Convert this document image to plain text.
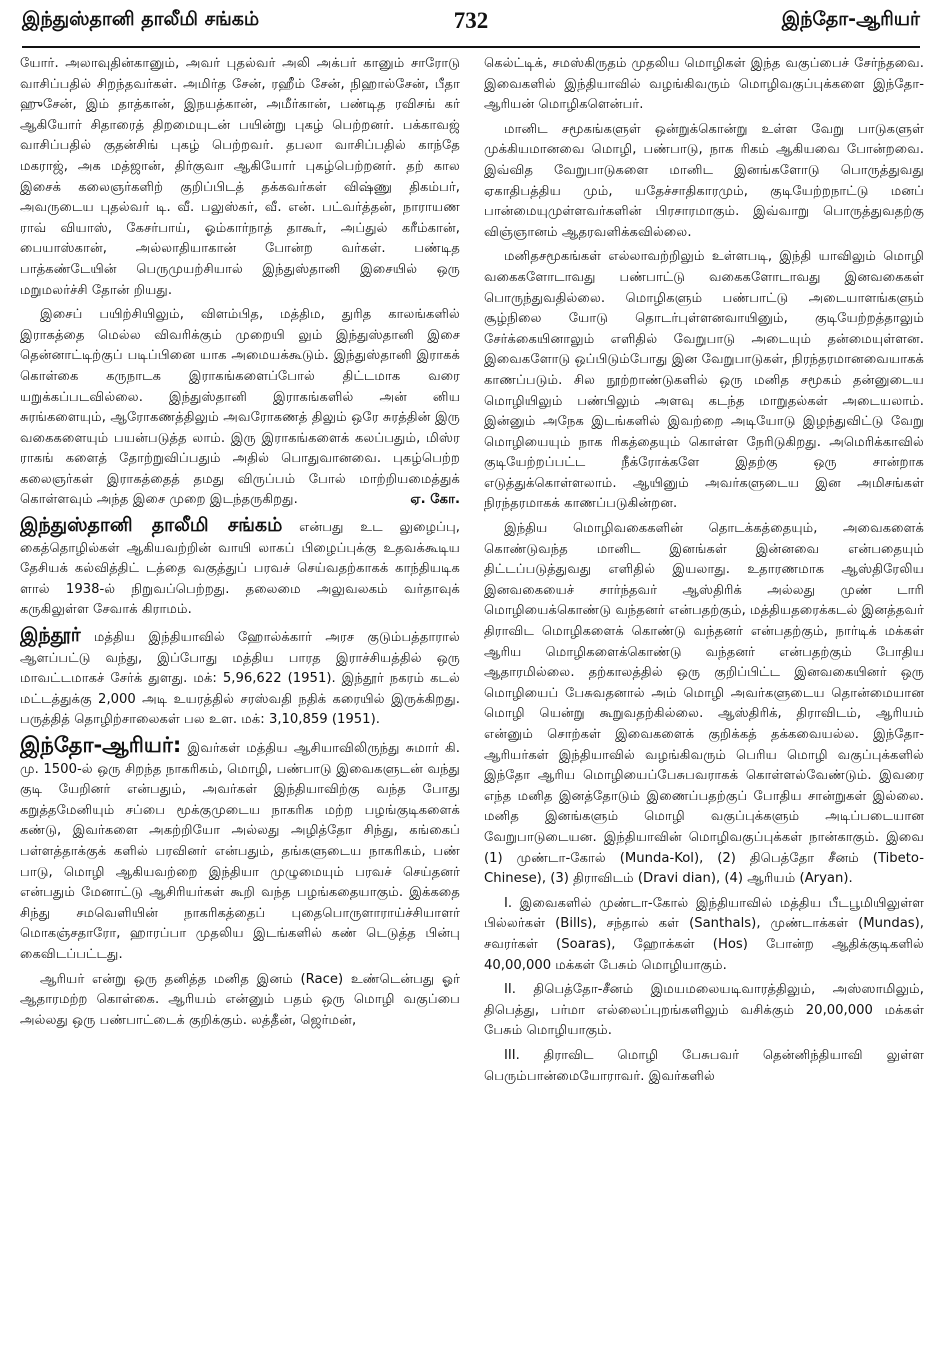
இந்துஸ்தானி தாலீமி சங்கம்	732	இந்தோ-ஆரியர்

யோர். அலாவுதின்கானும், அவர் புதல்வர் அலி அக்பர் கானும் சாரோடு வாசிப்பதில் சிறந்தவர்கள். அமிர்த சேன், ரஹீம் சேன், நிஹால்சேன், பீதா ஹுசேன், இம் தாத்கான், இநயத்கான், அமீர்கான், பண்டித ரவிசங் கர் ஆகியோர் சிதாரைத் திறமையுடன் பயின்று புகழ் பெற்றனர். பக்காவஜ் வாசிப்பதில் குதன்சிங் புகழ் பெற்றவர். தபலா வாசிப்பதில் காந்தே மகராஜ், அக மத்ஜான், திர்குவா ஆகியோர் புகழ்பெற்றனர். தற் கால இசைக் கலைஞர்களிற் குறிப்பிடத் தக்கவர்கள் விஷ்ணு திகம்பர், அவருடைய புதல்வர் டி. வீ. பலுஸ்கர், வீ. என். பட்வர்த்தன், நாராயண ராவ் வியாஸ், கேசர்பாய், ஓம்கார்நாத் தாகூர், அப்துல் கரீம்கான், பையாஸ்கான், அல்லாதியாகான் போன்ற வர்கள். பண்டித பாத்கண்டேயின் பெருமுயற்சியால் இந்துஸ்தானி இசையில் ஒரு மறுமலர்ச்சி தோன் றியது.

இசைப் பயிற்சியிலும், விளம்பித, மத்திம, துரித காலங்களில் இராகத்தை மெல்ல விவரிக்கும் முறையி லும் இந்துஸ்தானி இசை தென்னாட்டிற்குப் படிப்பினை யாக அமையக்கூடும். இந்துஸ்தானி இராகக் கொள்கை கருநாடக இராகங்களைப்போல் திட்டமாக வரை யறுக்கப்படவில்லை. இந்துஸ்தானி இராகங்களில் அன் னிய சுரங்களையும், ஆரோகணத்திலும் அவரோகணத் திலும் ஒரே சுரத்தின் இரு வகைகளையும் பயன்படுத்த லாம். இரு இராகங்களைக் கலப்பதும், மிஸ்ர ராகங் களைத் தோற்றுவிப்பதும் அதில் பொதுவானவை. புகழ்பெற்ற கலைஞர்கள் இராகத்தைத் தமது விருப்பம் போல் மாற்றியமைத்துக் கொள்ளவும் அந்த இசை முறை இடந்தருகிறது.	ஏ. கோ.

இந்துஸ்தானி தாலீமி சங்கம் என்பது உட லுழைப்பு, கைத்தொழில்கள் ஆகியவற்றின் வாயி லாகப் பிழைப்புக்கு உதவக்கூடிய தேசியக் கல்வித்திட் டத்தை வகுத்துப் பரவச் செய்வதற்காகக் காந்தியடிக ளால் 1938-ல் நிறுவப்பெற்றது. தலைமை அலுவலகம் வர்தாவுக் கருகிலுள்ள சேவாக் கிராமம்.

இந்தூர் மத்திய இந்தியாவில் ஹோல்க்கார் அரச குடும்பத்தாரால் ஆளப்பட்டு வந்து, இப்போது மத்திய பாரத இராச்சியத்தில் ஒரு மாவட்டமாகச் சேர்க் துளது. மக்: 5,96,622 (1951). இந்தூர் நகரம் கடல் மட்டத்துக்கு 2,000 அடி உயரத்தில் சரஸ்வதி நதிக் கரையில் இருக்கிறது. பருத்தித் தொழிற்சாலைகள் பல உள. மக்: 3,10,859 (1951).

இந்தோ-ஆரியர்: இவர்கள் மத்திய ஆசியாவிலிருந்து சுமார் கி. மு. 1500-ல் ஒரு சிறந்த நாகரிகம், மொழி, பண்பாடு இவைகளுடன் வந்து குடி யேறினர் என்பதும், அவர்கள் இந்தியாவிற்கு வந்த போது கறுத்தமேனியும் சப்பை மூக்குமுடைய நாகரிக மற்ற பழங்குடிகளைக் கண்டு, இவர்களை அகற்றியோ அல்லது அழித்தோ சிந்து, கங்கைப் பள்ளத்தாக்குக் களில் பரவினர் என்பதும், தங்களுடைய நாகரிகம், பண் பாடு, மொழி ஆகியவற்றை இந்தியா முழுமையும் பரவச் செய்தனர் என்பதும் மேனாட்டு ஆசிரியர்கள் கூறி வந்த பழங்கதையாகும். இக்கதை சிந்து சமவெளியின் நாகரிகத்தைப் புதைபொருளாராய்ச்சியாளர் மொகஞ்சதாரோ, ஹாரப்பா முதலிய இடங்களில் கண் டெடுத்த பின்பு கைவிடப்பட்டது.

ஆரியர் என்று ஒரு தனித்த மனித இனம் (Race) உண்டென்பது ஓர் ஆதாரமற்ற கொள்கை. ஆரியம் என்னும் பதம் ஒரு மொழி வகுப்பை அல்லது ஒரு பண்பாட்டைக் குறிக்கும். லத்தீன், ஜெர்மன்,

கெல்ட்டிக், சமஸ்கிருதம் முதலிய மொழிகள் இந்த வகுப்பைச் சேர்ந்தவை. இவைகளில் இந்தியாவில் வழங்கிவரும் மொழிவகுப்புக்களை இந்தோ-ஆரியன் மொழிகளென்பர்.

மானிட சமூகங்களுள் ஒன்றுக்கொன்று உள்ள வேறு பாடுகளுள் முக்கியமானவை மொழி, பண்பாடு, நாக ரிகம் ஆகியவை போன்றவை. இவ்வித வேறுபாடுகளை மானிட இனங்களோடு பொருத்துவது ஏகாதிபத்திய மும், யதேச்சாதிகாரமும், குடியேற்றநாட்டு மனப் பான்மையுமுள்ளவர்களின் பிரசாரமாகும். இவ்வாறு பொருத்துவதற்கு விஞ்ஞானம் ஆதரவளிக்கவில்லை.

மனிதசமூகங்கள் எல்லாவற்றிலும் உள்ளபடி, இந்தி யாவிலும் மொழி வகைகளோடாவது பண்பாட்டு வகைகளோடாவது இனவகைகள் பொருந்துவதில்லை. மொழிகளும் பண்பாட்டு அடையாளங்களும் சூழ்நிலை யோடு தொடர்புள்ளனவாயினும், குடியேற்றத்தாலும் சேர்க்கையினாலும் எளிதில் வேறுபாடு அடையும் தன்மையுள்ளன. இவைகளோடு ஒப்பிடும்போது இன வேறுபாடுகள், நிரந்தரமானவையாகக் காணப்படும். சில நூற்றாண்டுகளில் ஒரு மனித சமூகம் தன்னுடைய மொழியிலும் பண்பிலும் அளவு கடந்த மாறுதல்கள் அடையலாம். இன்னும் அநேக இடங்களில் இவற்றை அடியோடு இழந்துவிட்டு வேறு மொழியையும் நாக ரிகத்தையும் கொள்ள நேரிடுகிறது. அமெரிக்காவில் குடியேற்றப்பட்ட நீக்ரோக்களே இதற்கு ஒரு சான்றாக எடுத்துக்கொள்ளலாம். ஆயினும் அவர்களுடைய இன அமிசங்கள் நிரந்தரமாகக் காணப்படுகின்றன.

இந்திய மொழிவகைகளின் தொடக்கத்தையும், அவைகளைக் கொண்டுவந்த மானிட இனங்கள் இன்னவை என்பதையும் திட்டப்படுத்துவது எளிதில் இயலாது. உதாரணமாக ஆஸ்திரேலிய இனவகையைச் சார்ந்தவர் ஆஸ்திரிக் அல்லது முண் டாரி மொழியைக்கொண்டு வந்தனர் என்பதற்கும், மத்தியதரைக்கடல் இனத்தவர் திராவிட மொழிகளைக் கொண்டு வந்தனர் என்பதற்கும், நார்டிக் மக்கள் ஆரிய மொழிகளைக்கொண்டு வந்தனர் என்பதற்கும் போதிய ஆதாரமில்லை. தற்காலத்தில் ஒரு குறிப்பிட்ட இனவகையினர் ஒரு மொழியைப் பேசுவதனால் அம் மொழி அவர்களுடைய தொன்மையான மொழி யென்று கூறுவதற்கில்லை. ஆஸ்திரிக், திராவிடம், ஆரியம் என்னும் சொற்கள் இவைகளைக் குறிக்கத் தக்கவையல்ல. இந்தோ-ஆரியர்கள் இந்தியாவில் வழங்கிவரும் பெரிய மொழி வகுப்புக்களில் இந்தோ ஆரிய மொழியைப்பேசுபவராகக் கொள்ளல்வேண்டும். இவரை எந்த மனித இனத்தோடும் இணைப்பதற்குப் போதிய சான்றுகள் இல்லை. மனித இனங்களும் மொழி வகுப்புக்களும் அடிப்படையான வேறுபாடுடையன. இந்தியாவின் மொழிவகுப்புக்கள் நான்காகும். இவை (1) முண்டா-கோல் (Munda-Kol), (2) திபெத்தோ சீனம் (Tibeto-Chinese), (3) திராவிடம் (Dravi dian), (4) ஆரியம் (Aryan).

I. இவைகளில் முண்டா-கோல் இந்தியாவில் மத்திய பீடபூமியிலுள்ள பில்லர்கள் (Bills), சந்தால் கள் (Santhals), முண்டாக்கள் (Mundas), சவரர்கள் (Soaras), ஹோக்கள் (Hos) போன்ற ஆதிக்குடிகளில் 40,00,000 மக்கள் பேசும் மொழியாகும்.

II. திபெத்தோ-சீனம் இமயமலையடிவாரத்திலும், அஸ்ஸாமிலும், திபெத்து, பர்மா எல்லைப்புறங்களிலும் வசிக்கும் 20,00,000 மக்கள் பேசும் மொழியாகும்.

III. திராவிட மொழி பேசுபவர் தென்னிந்தியாவி லுள்ள பெரும்பான்மையோராவர். இவர்களில்
